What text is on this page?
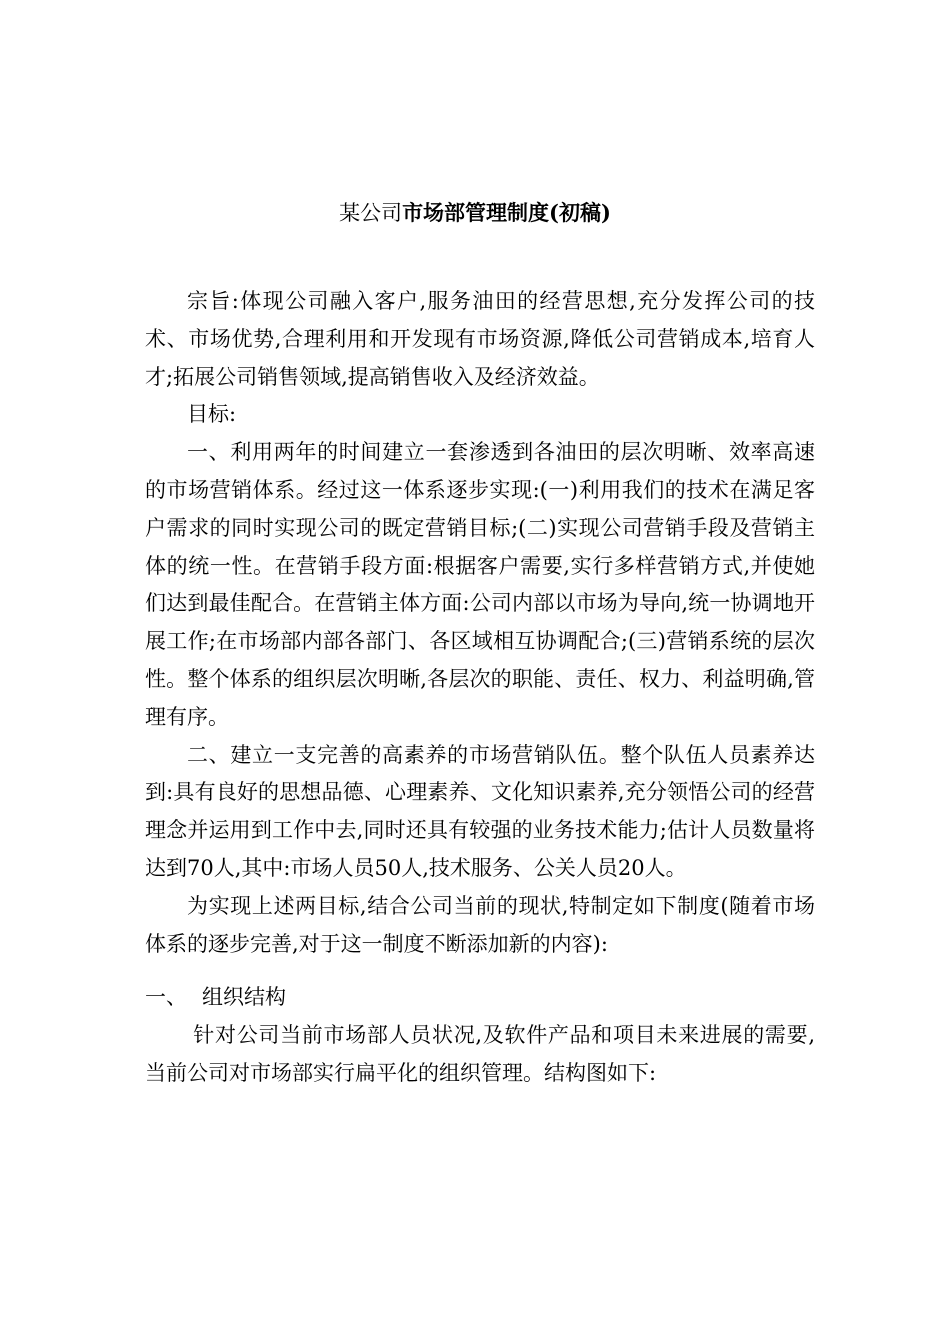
某公司市场部管理制度(初稿)

宗旨:体现公司融入客户,服务油田的经营思想,充分发挥公司的技术、市场优势,合理利用和开发现有市场资源,降低公司营销成本,培育人才;拓展公司销售领域,提高销售收入及经济效益。

目标:

一、利用两年的时间建立一套渗透到各油田的层次明晰、效率高速的市场营销体系。经过这一体系逐步实现:(一)利用我们的技术在满足客户需求的同时实现公司的既定营销目标;(二)实现公司营销手段及营销主体的统一性。在营销手段方面:根据客户需要,实行多样营销方式,并使她们达到最佳配合。在营销主体方面:公司内部以市场为导向,统一协调地开展工作;在市场部内部各部门、各区域相互协调配合;(三)营销系统的层次性。整个体系的组织层次明晰,各层次的职能、责任、权力、利益明确,管理有序。

二、建立一支完善的高素养的市场营销队伍。整个队伍人员素养达到:具有良好的思想品德、心理素养、文化知识素养,充分领悟公司的经营理念并运用到工作中去,同时还具有较强的业务技术能力;估计人员数量将达到70人,其中:市场人员50人,技术服务、公关人员20人。

为实现上述两目标,结合公司当前的现状,特制定如下制度(随着市场体系的逐步完善,对于这一制度不断添加新的内容):

一、 组织结构

针对公司当前市场部人员状况,及软件产品和项目未来进展的需要,当前公司对市场部实行扁平化的组织管理。结构图如下:
